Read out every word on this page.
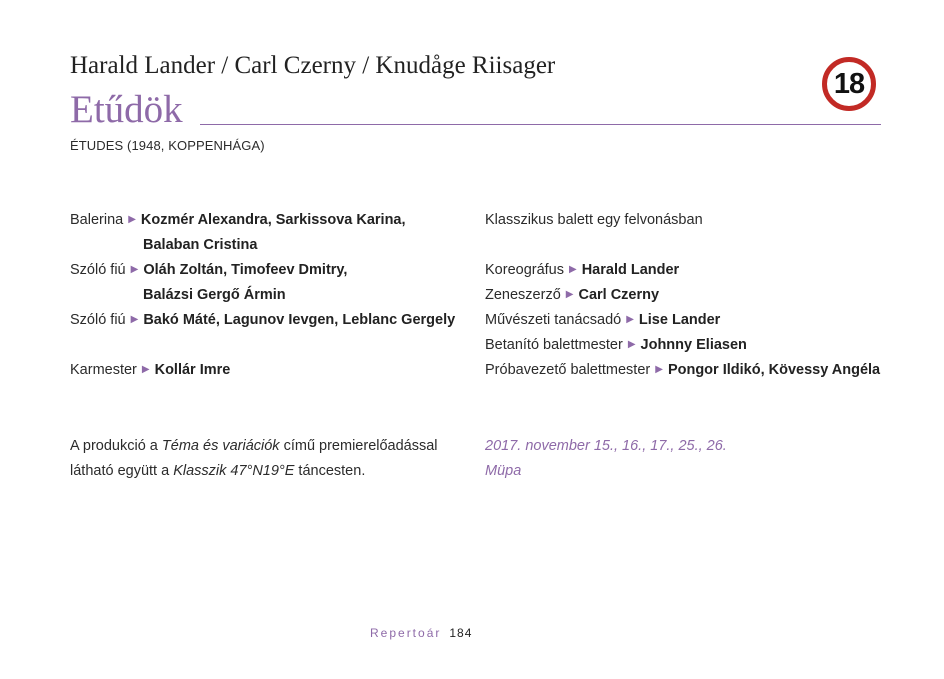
Harald Lander / Carl Czerny / Knudåge Riisager
Etűdök
ÉTUDES (1948, KOPPENHÁGA)
18
Balerina ▶ Kozmér Alexandra, Sarkissova Karina,
Balaban Cristina
Szóló fiú ▶ Oláh Zoltán, Timofeev Dmitry,
Balázsi Gergő Ármin
Szóló fiú ▶ Bakó Máté, Lagunov Ievgen, Leblanc Gergely
Karmester ▶ Kollár Imre
Klasszikus balett egy felvonásban
Koreográfus ▶ Harald Lander
Zeneszerző ▶ Carl Czerny
Művészeti tanácsadó ▶ Lise Lander
Betanító balettmester ▶ Johnny Eliasen
Próbavezető balettmester ▶ Pongor Ildikó, Kövessy Angéla
A produkció a Téma és variációk című premierelőadással
látható együtt a Klasszik 47°N19°E táncesten.
2017. november 15., 16., 17., 25., 26.
Müpa
Repertoár 184
